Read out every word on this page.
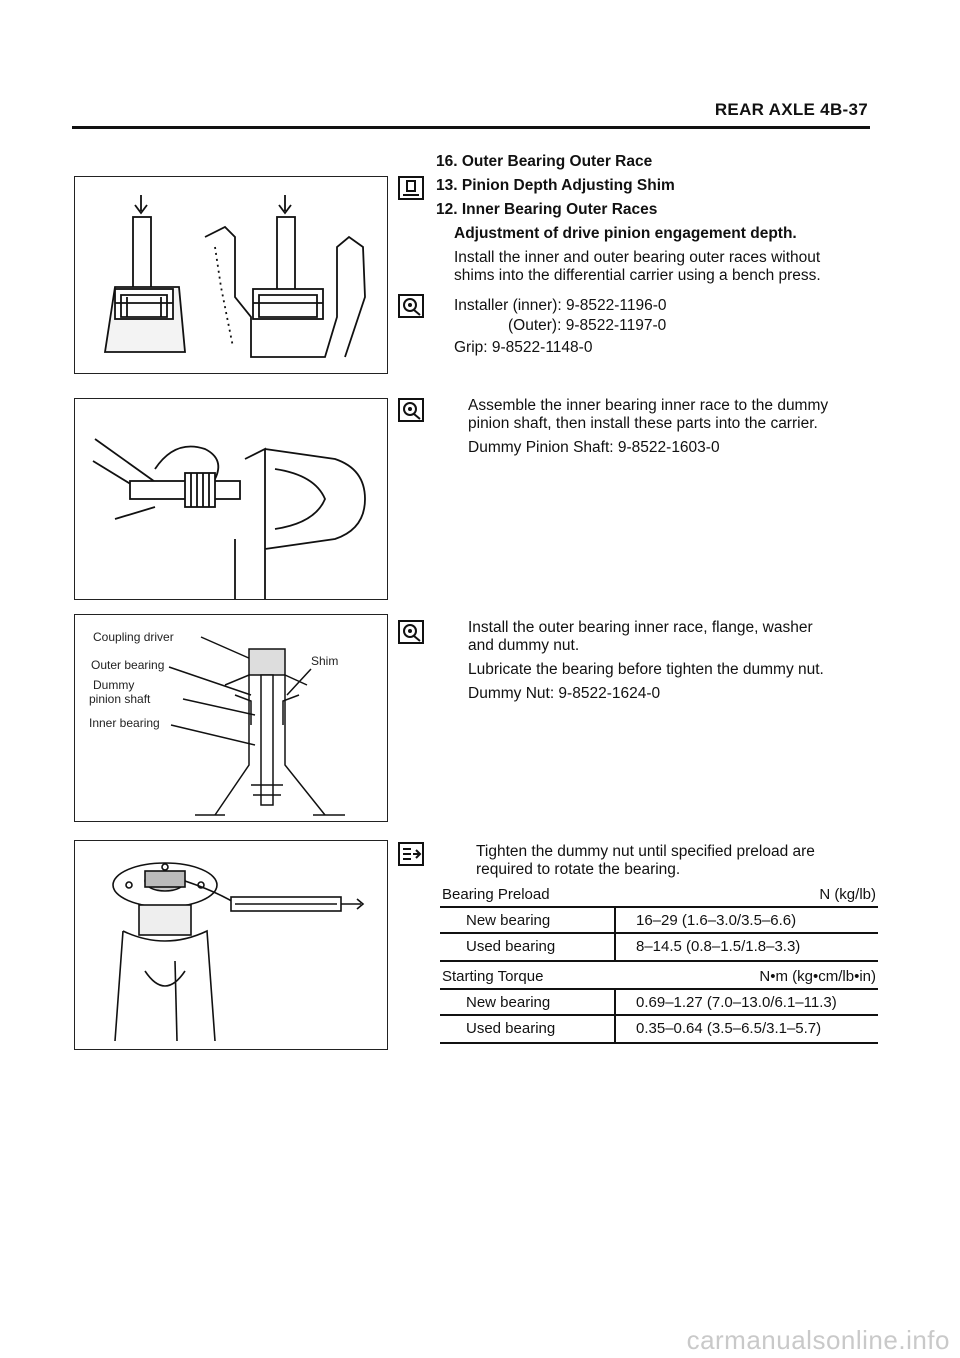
REAR AXLE 4B-37
Coupling driver
Outer bearing
Dummy
pinion shaft
Inner bearing
Shim
16. Outer Bearing Outer Race
13. Pinion Depth Adjusting Shim
12. Inner Bearing Outer Races
Adjustment of drive pinion engagement depth.
Install the inner and outer bearing outer races without
shims into the differential carrier using a bench press.
Installer (inner): 9-8522-1196-0
(Outer): 9-8522-1197-0
Grip: 9-8522-1148-0
Assemble the inner bearing inner race to the dummy
pinion shaft, then install these parts into the carrier.
Dummy Pinion Shaft: 9-8522-1603-0
Install the outer bearing inner race, flange, washer
and dummy nut.
Lubricate the bearing before tighten the dummy nut.
Dummy Nut: 9-8522-1624-0
Tighten the dummy nut until specified preload are
required to rotate the bearing.
Bearing Preload	N (kg/lb)
New bearing	16–29 (1.6–3.0/3.5–6.6)
Used bearing	8–14.5 (0.8–1.5/1.8–3.3)
Starting Torque	N•m (kg•cm/lb•in)
New bearing	0.69–1.27 (7.0–13.0/6.1–11.3)
Used bearing	0.35–0.64 (3.5–6.5/3.1–5.7)
carmanualsonline.info
